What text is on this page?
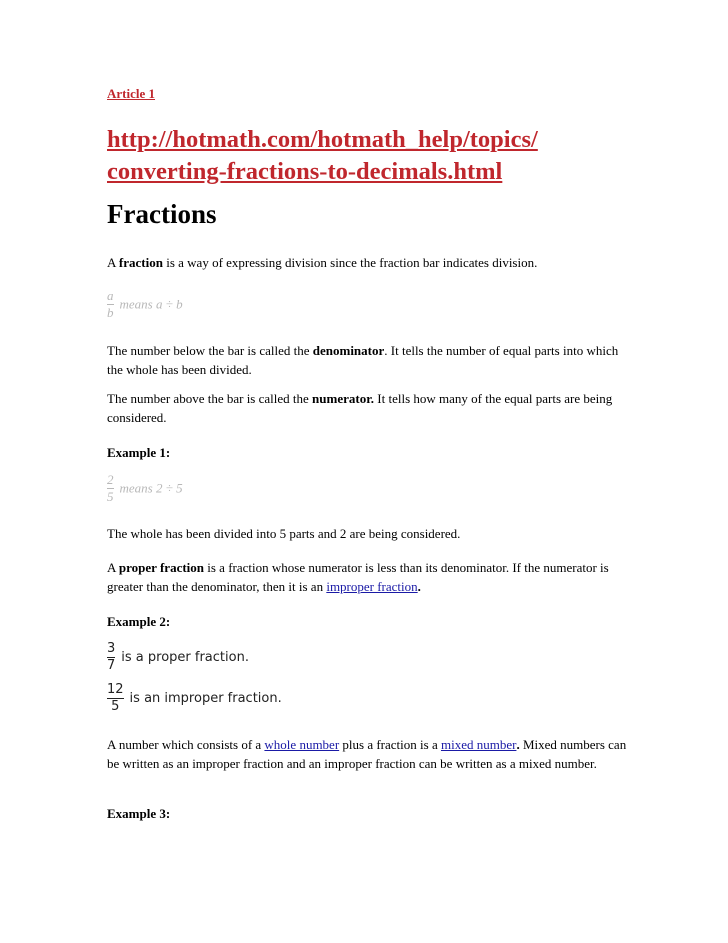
Article 1
http://hotmath.com/hotmath_help/topics/
converting-fractions-to-decimals.html
Fractions
A fraction is a way of expressing division since the fraction bar indicates division.
$\frac{a}{b}$ means a ÷ b
The number below the bar is called the denominator. It tells the number of equal parts into which the whole has been divided.
The number above the bar is called the numerator. It tells how many of the equal parts are being considered.
Example 1:
$\frac{2}{5}$ means 2 ÷ 5
The whole has been divided into 5 parts and 2 are being considered.
A proper fraction is a fraction whose numerator is less than its denominator. If the numerator is greater than the denominator, then it is an improper fraction.
Example 2:
$\frac{3}{7}$ is a proper fraction.
$\frac{12}{5}$ is an improper fraction.
A number which consists of a whole number plus a fraction is a mixed number. Mixed numbers can be written as an improper fraction and an improper fraction can be written as a mixed number.
Example 3:
